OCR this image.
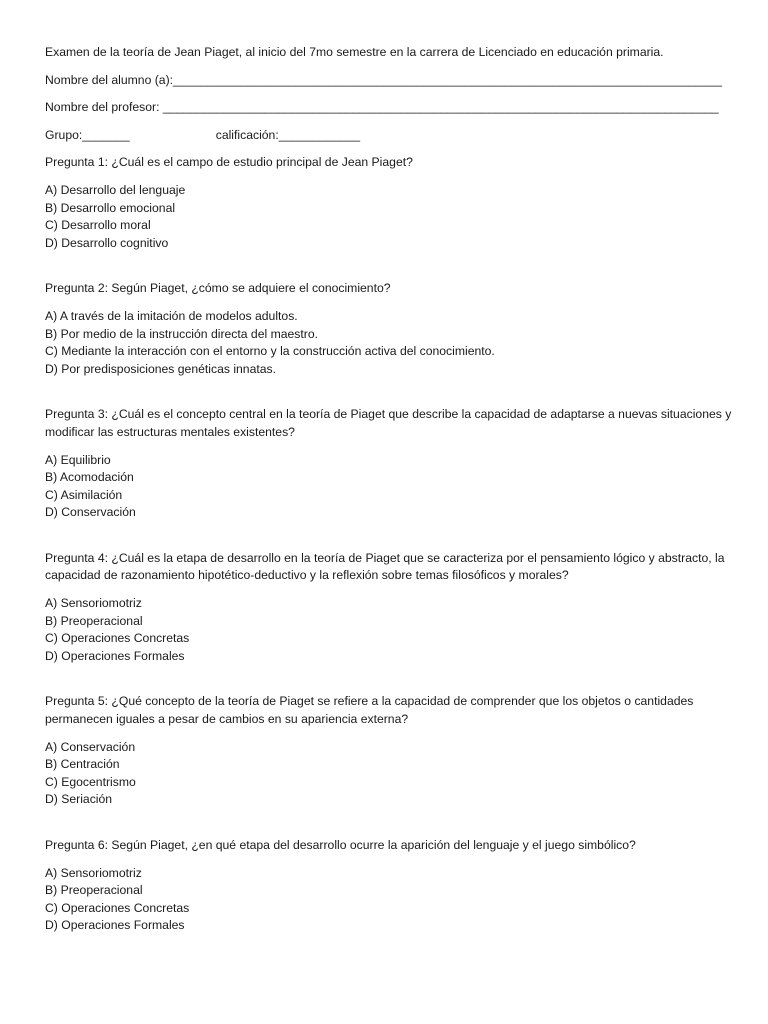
Examen de la teoría de Jean Piaget, al inicio del 7mo semestre en la carrera de Licenciado en educación primaria.

Nombre del alumno (a):_________________________________________________________________________________

Nombre del profesor: __________________________________________________________________________________

Grupo:_______	calificación:____________

Pregunta 1: ¿Cuál es el campo de estudio principal de Jean Piaget?

A) Desarrollo del lenguaje
B) Desarrollo emocional
C) Desarrollo moral
D) Desarrollo cognitivo

Pregunta 2: Según Piaget, ¿cómo se adquiere el conocimiento?

A) A través de la imitación de modelos adultos.
B) Por medio de la instrucción directa del maestro.
C) Mediante la interacción con el entorno y la construcción activa del conocimiento.
D) Por predisposiciones genéticas innatas.

Pregunta 3: ¿Cuál es el concepto central en la teoría de Piaget que describe la capacidad de adaptarse a nuevas situaciones y modificar las estructuras mentales existentes?

A) Equilibrio
B) Acomodación
C) Asimilación
D) Conservación

Pregunta 4: ¿Cuál es la etapa de desarrollo en la teoría de Piaget que se caracteriza por el pensamiento lógico y abstracto, la capacidad de razonamiento hipotético-deductivo y la reflexión sobre temas filosóficos y morales?

A) Sensoriomotriz
B) Preoperacional
C) Operaciones Concretas
D) Operaciones Formales

Pregunta 5: ¿Qué concepto de la teoría de Piaget se refiere a la capacidad de comprender que los objetos o cantidades permanecen iguales a pesar de cambios en su apariencia externa?

A) Conservación
B) Centración
C) Egocentrismo
D) Seriación

Pregunta 6: Según Piaget, ¿en qué etapa del desarrollo ocurre la aparición del lenguaje y el juego simbólico?

A) Sensoriomotriz
B) Preoperacional
C) Operaciones Concretas
D) Operaciones Formales
